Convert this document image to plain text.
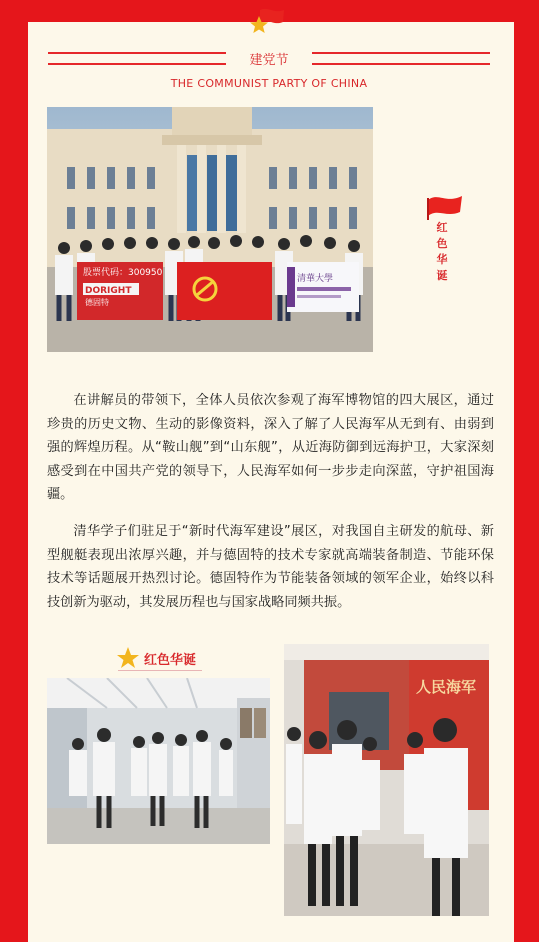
建党节
THE COMMUNIST PARTY OF CHINA
股票代码：300950
DORIGHT
德固特
清華大學
红色华诞

在讲解员的带领下，全体人员依次参观了海军博物馆的四大展区，通过珍贵的历史文物、生动的影像资料，深入了解了人民海军从无到有、由弱到强的辉煌历程。从“鞍山舰”到“山东舰”，从近海防御到远海护卫，大家深刻感受到在中国共产党的领导下，人民海军如何一步步走向深蓝，守护祖国海疆。

清华学子们驻足于“新时代海军建设”展区，对我国自主研发的航母、新型舰艇表现出浓厚兴趣，并与德固特的技术专家就高端装备制造、节能环保技术等话题展开热烈讨论。德固特作为节能装备领域的领军企业，始终以科技创新为驱动，其发展历程也与国家战略同频共振。

红色华诞
人民海军
